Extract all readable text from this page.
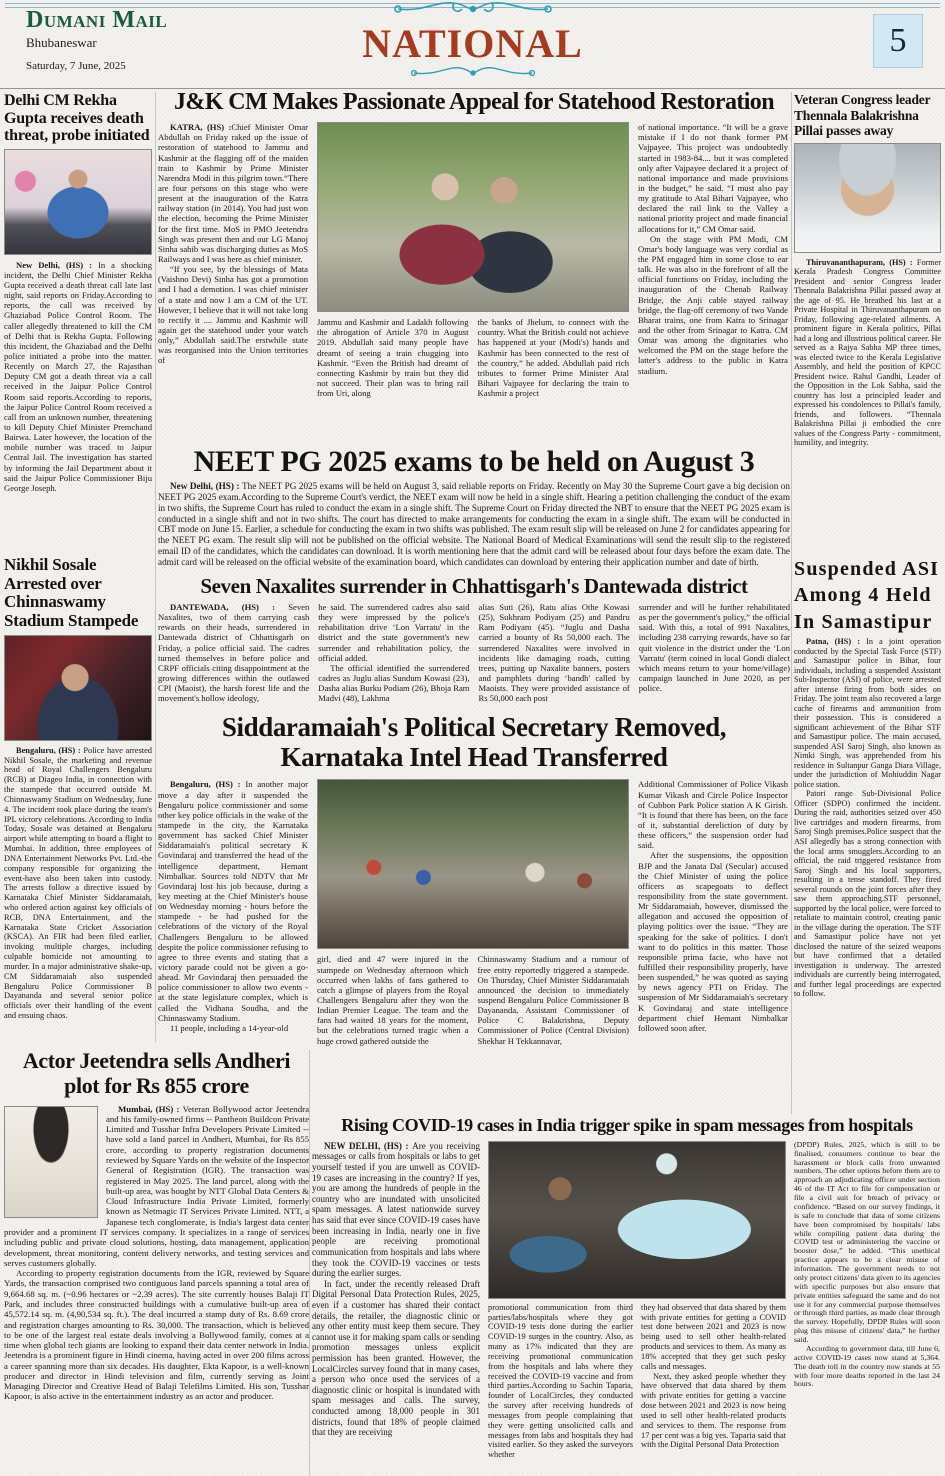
Dumani Mail
Bhubaneswar
Saturday, 7 June, 2025
NATIONAL	5
Delhi CM Rekha Gupta receives death threat, probe initiated

New Delhi, (HS) : In a shocking incident, the Delhi Chief Minister Rekha Gupta received a death threat call late last night, said reports on Friday.According to reports, the call was received by Ghaziabad Police Control Room. The caller allegedly threatened to kill the CM of Delhi that is Rekha Gupta. Following this incident, the Ghaziabad and the Delhi police initiated a probe into the matter. Recently on March 27, the Rajasthan Deputy CM got a death threat via a call received in the Jaipur Police Control Room said reports.According to reports, the Jaipur Police Control Room received a call from an unknown number, threatening to kill Deputy Chief Minister Premchand Bairwa. Later however, the location of the mobile number was traced to Jaipur Central Jail. The investigation has started by informing the Jail Department about it said the Jaipur Police Commissioner Biju George Joseph.

Nikhil Sosale Arrested over Chinnaswamy Stadium Stampede

Bengaluru, (HS) : Police have arrested Nikhil Sosale, the marketing and revenue head of Royal Challengers Bengaluru (RCB) at Diageo India, in connection with the stampede that occurred outside M. Chinnaswamy Stadium on Wednesday, June 4. The incident took place during the team's IPL victory celebrations. According to India Today, Sosale was detained at Bengaluru airport while attempting to board a flight to Mumbai. In addition, three employees of DNA Entertainment Networks Pvt. Ltd.-the company responsible for organizing the event-have also been taken into custody. The arrests follow a directive issued by Karnataka Chief Minister Siddaramaiah, who ordered action against key officials of RCB, DNA Entertainment, and the Karnataka State Cricket Association (KSCA). An FIR had been filed earlier, invoking multiple charges, including culpable homicide not amounting to murder. In a major administrative shake-up, CM Siddaramaiah also suspended Bengaluru Police Commissioner B Dayananda and several senior police officials over their handling of the event and ensuing chaos.

J&K CM Makes Passionate Appeal for Statehood Restoration

KATRA, (HS) :Chief Minister Omar Abdullah on Friday raked up the issue of restoration of statehood to Jammu and Kashmir at the flagging off of the maiden train to Kashmir by Prime Minister Narendra Modi in this pilgrim town.“There are four persons on this stage who were present at the inauguration of the Katra railway station (in 2014). You had just won the election, becoming the Prime Minister for the first time. MoS in PMO Jeetendra Singh was present then and our LG Manoj Sinha sahib was discharging duties as MoS Railways and I was here as chief minister.

“If you see, by the blessings of Mata (Vaishno Devi) Sinha has got a promotion and I had a demotion. I was chief minister of a state and now I am a CM of the UT. However, I believe that it will not take long to rectify it .... Jammu and Kashmir will again get the statehood under your watch only,” Abdullah said.The erstwhile state was reorganised into the Union territories of

Jammu and Kashmir and Ladakh following the abrogation of Article 370 in August 2019. Abdullah said many people have dreamt of seeing a train chugging into Kashmir. “Even the British had dreamt of connecting Kashmir by train but they did not succeed. Their plan was to bring rail from Uri, along

the banks of Jhelum, to connect with the country. What the British could not achieve has happened at your (Modi's) hands and Kashmir has been connected to the rest of the country,” he added. Abdullah paid rich tributes to former Prime Minister Atal Bihari Vajpayee for declaring the train to Kashmir a project

of national importance. “It will be a grave mistake if I do not thank former PM Vajpayee. This project was undoubtedly started in 1983-84.... but it was completed only after Vajpayee declared it a project of national importance and made provisions in the budget,” he said. “I must also pay my gratitude to Atal Bihari Vajpayee, who declared the rail link to the Valley a national priority project and made financial allocations for it,” CM Omar said.

On the stage with PM Modi, CM Omar's body language was very cordial as the PM engaged him in some close to ear talk. He was also in the forefront of all the official functions on Friday, including the inauguration of the Chenab Railway Bridge, the Anji cable stayed railway bridge, the flag-off ceremony of two Vande Bharat trains, one from Katra to Srinagar and the other from Srinagar to Katra. CM Omar was among the dignitaries who welcomed the PM on the stage before the latter's address to the public in Katra stadium.

NEET PG 2025 exams to be held on August 3

New Delhi, (HS) : The NEET PG 2025 exams will be held on August 3, said reliable reports on Friday. Recently on May 30 the Supreme Court gave a big decision on NEET PG 2025 exam.According to the Supreme Court's verdict, the NEET exam will now be held in a single shift. Hearing a petition challenging the conduct of the exam in two shifts, the Supreme Court has ruled to conduct the exam in a single shift. The Supreme Court on Friday directed the NBT to ensure that the NEET PG 2025 exam is conducted in a single shift and not in two shifts. The court has directed to make arrangements for conducting the exam in a single shift. The exam will be conducted in CBT mode on June 15. Earlier, a schedule for conducting the exam in two shifts was published. The exam result slip will be released on June 2 for candidates appearing for the NEET PG exam. The result slip will not be published on the official website. The National Board of Medical Examinations will send the result slip to the registered email ID of the candidates, which the candidates can download. It is worth mentioning here that the admit card will be released about four days before the exam date. The admit card will be released on the official website of the examination board, which candidates can download by entering their application number and date of birth.

Seven Naxalites surrender in Chhattisgarh's Dantewada district

DANTEWADA, (HS) : Seven Naxalites, two of them carrying cash rewards on their heads, surrendered in Dantewada district of Chhattisgarh on Friday, a police official said. The cadres turned themselves in before police and CRPF officials citing disappointment at the growing differences within the outlawed CPI (Maoist), the harsh forest life and the movement's hollow ideology,

he said. The surrendered cadres also said they were impressed by the police's rehabilitation drive ‘Lon Varratu' in the district and the state government's new surrender and rehabilitation policy, the official added.

The official identified the surrendered cadres as Juglu alias Sundum Kowasi (23), Dasha alias Burku Podiam (26), Bhoja Ram Madvi (48), Lakhma

alias Suti (26), Ratu alias Othe Kowasi (25), Sukhram Podiyam (25) and Pandru Ram Podiyam (45). “Juglu and Dasha carried a bounty of Rs 50,000 each. The surrendered Naxalites were involved in incidents like damaging roads, cutting trees, putting up Naxalite banners, posters and pamphlets during ‘bandh' called by Maoists. They were provided assistance of Rs 50,000 each post

surrender and will be further rehabilitated as per the government's policy,” the official said. With this, a total of 991 Naxalites, including 238 carrying rewards, have so far quit violence in the district under the ‘Lon Varratu' (term coined in local Gondi dialect which means return to your home/village) campaign launched in June 2020, as per police.

Siddaramaiah's Political Secretary Removed, Karnataka Intel Head Transferred

Bengaluru, (HS) : In another major move a day after it suspended the Bengaluru police commissioner and some other key police officials in the wake of the stampede in the city, the Karnataka government has sacked Chief Minister Siddaramaiah's political secretary K Govindaraj and transferred the head of the intelligence department, Hemant Nimbalkar. Sources told NDTV that Mr Govindaraj lost his job because, during a key meeting at the Chief Minister's house on Wednesday morning - hours before the stampede - he had pushed for the celebrations of the victory of the Royal Challengers Bengaluru to be allowed despite the police commissioner refusing to agree to three events and stating that a victory parade could not be given a go-ahead. Mr Govindaraj then persuaded the police commissioner to allow two events - at the state legislature complex, which is called the Vidhana Soudha, and the Chinnaswamy Stadium.

11 people, including a 14-year-old

girl, died and 47 were injured in the stampede on Wednesday afternoon which occurred when lakhs of fans gathered to catch a glimpse of players from the Royal Challengers Bengaluru after they won the Indian Premier League. The team and the fans had waited 18 years for the moment, but the celebrations turned tragic when a huge crowd gathered outside the

Chinnaswamy Stadium and a rumour of free entry reportedly triggered a stampede. On Thursday, Chief Minister Siddaramaiah announced the decision to immediately suspend Bengaluru Police Commissioner B Dayananda, Assistant Commissioner of Police C Balakrishna, Deputy Commissioner of Police (Central Division) Shekhar H Tekkannavar,

Additional Commissioner of Police Vikash Kumar Vikash and Circle Police Inspector of Cubbon Park Police station A K Girish. “It is found that there has been, on the face of it, substantial dereliction of duty by these officers,” the suspension order had said.

After the suspensions, the opposition BJP and the Janata Dal (Secular) accused the Chief Minister of using the police officers as scapegoats to deflect responsibility from the state government. Mr Siddaramaiah, however, dismissed the allegation and accused the opposition of playing politics over the issue. “They are speaking for the sake of politics. I don't want to do politics in this matter. Those responsible prima facie, who have not fulfilled their responsibility properly, have been suspended,” he was quoted as saying by news agency PTI on Friday. The suspension of Mr Siddaramaiah's secretary K Govindaraj and state intelligence department chief Hemant Nimbalkar followed soon after.

Veteran Congress leader Thennala Balakrishna Pillai passes away

Thiruvananthapuram, (HS) : Former Kerala Pradesh Congress Committee President and senior Congress leader Thennala Balakrishna Pillai passed away at the age of 95. He breathed his last at a Private Hospital in Thiruvananthapuram on Friday, following age-related ailments. A prominent figure in Kerala politics, Pillai had a long and illustrious political career. He served as a Rajya Sabha MP three times, was elected twice to the Kerala Legislative Assembly, and held the position of KPCC President twice. Rahul Gandhi, Leader of the Opposition in the Lok Sabha, said the country has lost a principled leader and expressed his condolences to Pillai's family, friends, and followers. “Thennala Balakrishna Pillai ji embodied the core values of the Congress Party - commitment, humility, and integrity.

Suspended ASI Among 4 Held In Samastipur

Patna, (HS) : In a joint operation conducted by the Special Task Force (STF) and Samastipur police in Bihar, four individuals, including a suspended Assistant Sub-Inspector (ASI) of police, were arrested after intense firing from both sides on Friday. The joint team also recovered a large cache of firearms and ammunition from their possession. This is considered a significant achievement of the Bihar STF and Samastipur police. The main accused, suspended ASI Saroj Singh, also known as Nimki Singh, was apprehended from his residence in Sultanpur Ganga Diara Village, under the jurisdiction of Mohiuddin Nagar police station.

Patori range Sub-Divisional Police Officer (SDPO) confirmed the incident. During the raid, authorities seized over 450 live cartridges and modern firearms, from Saroj Singh premises.Police suspect that the ASI allegedly has a strong connection with the local arms smugglers.According to an official, the raid triggered resistance from Saroj Singh and his local supporters, resulting in a tense standoff. They fired several rounds on the joint forces after they saw them approaching.STF personnel, supported by the local police, were forced to retaliate to maintain control, creating panic in the village during the operation. The STF and Samastipur police have not yet disclosed the nature of the seized weapons but have confirmed that a detailed investigation is underway. The arrested individuals are currently being interrogated, and further legal proceedings are expected to follow.

Actor Jeetendra sells Andheri plot for Rs 855 crore

Mumbai, (HS) : Veteran Bollywood actor Jeetendra and his family-owned firms -- Pantheon Buildcon Private Limited and Tusshar Infra Developers Private Limited -- have sold a land parcel in Andheri, Mumbai, for Rs 855 crore, according to property registration documents reviewed by Square Yards on the website of the Inspector General of Registration (IGR). The transaction was registered in May 2025. The land parcel, along with the built-up area, was bought by NTT Global Data Centers & Cloud Infrastructure India Private Limited, formerly known as Netmagic IT Services Private Limited. NTT, a Japanese tech conglomerate, is India's largest data center provider and a prominent IT services company. It specializes in a range of services including public and private cloud solutions, hosting, data management, application development, threat monitoring, content delivery networks, and testing services and serves customers globally.

According to property registration documents from the IGR, reviewed by Square Yards, the transaction comprised two contiguous land parcels spanning a total area of 9,664.68 sq. m. (~0.96 hectares or ~2.39 acres). The site currently houses Balaji IT Park, and includes three constructed buildings with a cumulative built-up area of 45,572.14 sq. m. (4,90,534 sq. ft.). The deal incurred a stamp duty of Rs. 8.69 crore and registration charges amounting to Rs. 30,000. The transaction, which is believed to be one of the largest real estate deals involving a Bollywood family, comes at a time when global tech giants are looking to expand their data center network in India. Jeetendra is a prominent figure in Hindi cinema, having acted in over 200 films across a career spanning more than six decades. His daughter, Ekta Kapoor, is a well-known producer and director in Hindi television and film, currently serving as Joint Managing Director and Creative Head of Balaji Telefilms Limited. His son, Tusshar Kapoor, is also active in the entertainment industry as an actor and producer.

Rising COVID-19 cases in India trigger spike in spam messages from hospitals

NEW DELHI, (HS) : Are you receiving messages or calls from hospitals or labs to get yourself tested if you are unwell as COVID-19 cases are increasing in the country? If yes, you are among the hundreds of people in the country who are inundated with unsolicited spam messages. A latest nationwide survey has said that ever since COVID-19 cases have been increasing in India, nearly one in five people are receiving promotional communication from hospitals and labs where they took the COVID-19 vaccines or tests during the earlier surges.

In fact, under the recently released Draft Digital Personal Data Protection Rules, 2025, even if a customer has shared their contact details, the retailer, the diagnostic clinic or any other entity must keep them secure. They cannot use it for making spam calls or sending promotion messages unless explicit permission has been granted. However, the LocalCircles survey found that in many cases, a person who once used the services of a diagnostic clinic or hospital is inundated with spam messages and calls. The survey, conducted among 18,000 people in 301 districts, found that 18% of people claimed that they are receiving

promotional communication from third parties/labs/hospitals where they got COVID-19 tests done during the earlier COVID-19 surges in the country. Also, as many as 17% indicated that they are receiving promotional communication from the hospitals and labs where they received the COVID-19 vaccine and from third parties.According to Sachin Taparia, founder of LocalCircles, they conducted the survey after receiving hundreds of messages from people complaining that they were getting unsolicited calls and messages from labs and hospitals they had visited earlier. So they asked the surveyors whether

they had observed that data shared by them with private entities for getting a COVID test done between 2021 and 2023 is now being used to sell other health-related products and services to them. As many as 18% accepted that they get such pesky calls and messages.

Next, they asked people whether they have observed that data shared by them with private entities for getting a vaccine dose between 2021 and 2023 is now being used to sell other health-related products and services to them. The response from 17 per cent was a big yes. Taparia said that with the Digital Personal Data Protection

(DPDP) Rules, 2025, which is still to be finalised, consumers continue to bear the harassment or block calls from unwanted numbers. The other options before them are to approach an adjudicating officer under section 46 of the IT Act to file for compensation or file a civil suit for breach of privacy or confidence. “Based on our survey findings, it is safe to conclude that data of some citizens have been compromised by hospitals/ labs while compiling patient data during the COVID test or administering the vaccine or booster dose,” he added. “This unethical practice appears to be a clear misuse of information. The government needs to not only protect citizens' data given to its agencies with specific purposes but also ensure that private entities safeguard the same and do not use it for any commercial purpose themselves or through third parties, as made clear through the survey. Hopefully, DPDP Rules will soon plug this misuse of citizens' data,” he further said.

According to government data, till June 6, active COVID-19 cases now stand at 5,364. The death toll in the country now stands at 55 with four more deaths reported in the last 24 hours.
